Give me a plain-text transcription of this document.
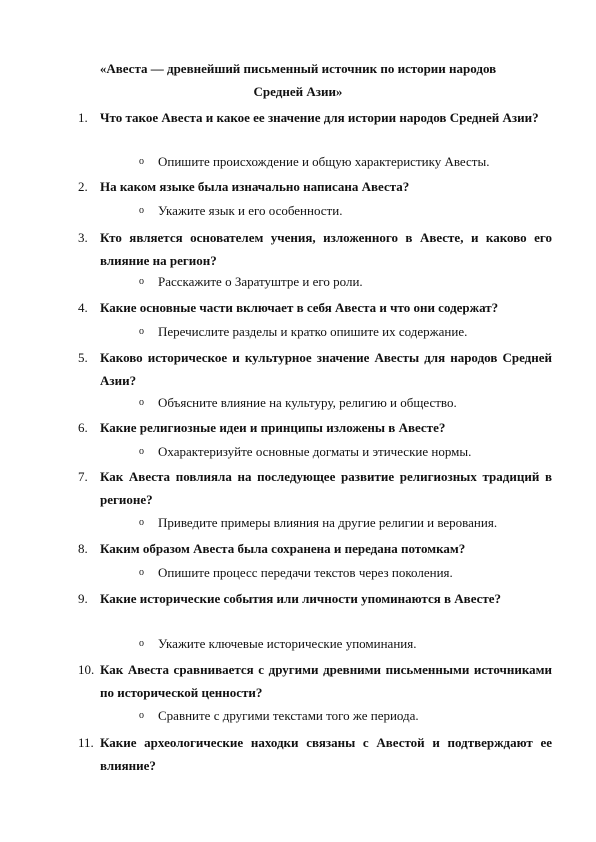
«Авеста — древнейший письменный источник по истории народов
Средней Азии»
1. Что такое Авеста и какое ее значение для истории народов Средней Азии?
o Опишите происхождение и общую характеристику Авесты.
2. На каком языке была изначально написана Авеста?
o Укажите язык и его особенности.
3. Кто является основателем учения, изложенного в Авесте, и каково его влияние на регион?
o Расскажите о Заратуштре и его роли.
4. Какие основные части включает в себя Авеста и что они содержат?
o Перечислите разделы и кратко опишите их содержание.
5. Каково историческое и культурное значение Авесты для народов Средней Азии?
o Объясните влияние на культуру, религию и общество.
6. Какие религиозные идеи и принципы изложены в Авесте?
o Охарактеризуйте основные догматы и этические нормы.
7. Как Авеста повлияла на последующее развитие религиозных традиций в регионе?
o Приведите примеры влияния на другие религии и верования.
8. Каким образом Авеста была сохранена и передана потомкам?
o Опишите процесс передачи текстов через поколения.
9. Какие исторические события или личности упоминаются в Авесте?
o Укажите ключевые исторические упоминания.
10. Как Авеста сравнивается с другими древними письменными источниками по исторической ценности?
o Сравните с другими текстами того же периода.
11. Какие археологические находки связаны с Авестой и подтверждают ее влияние?
